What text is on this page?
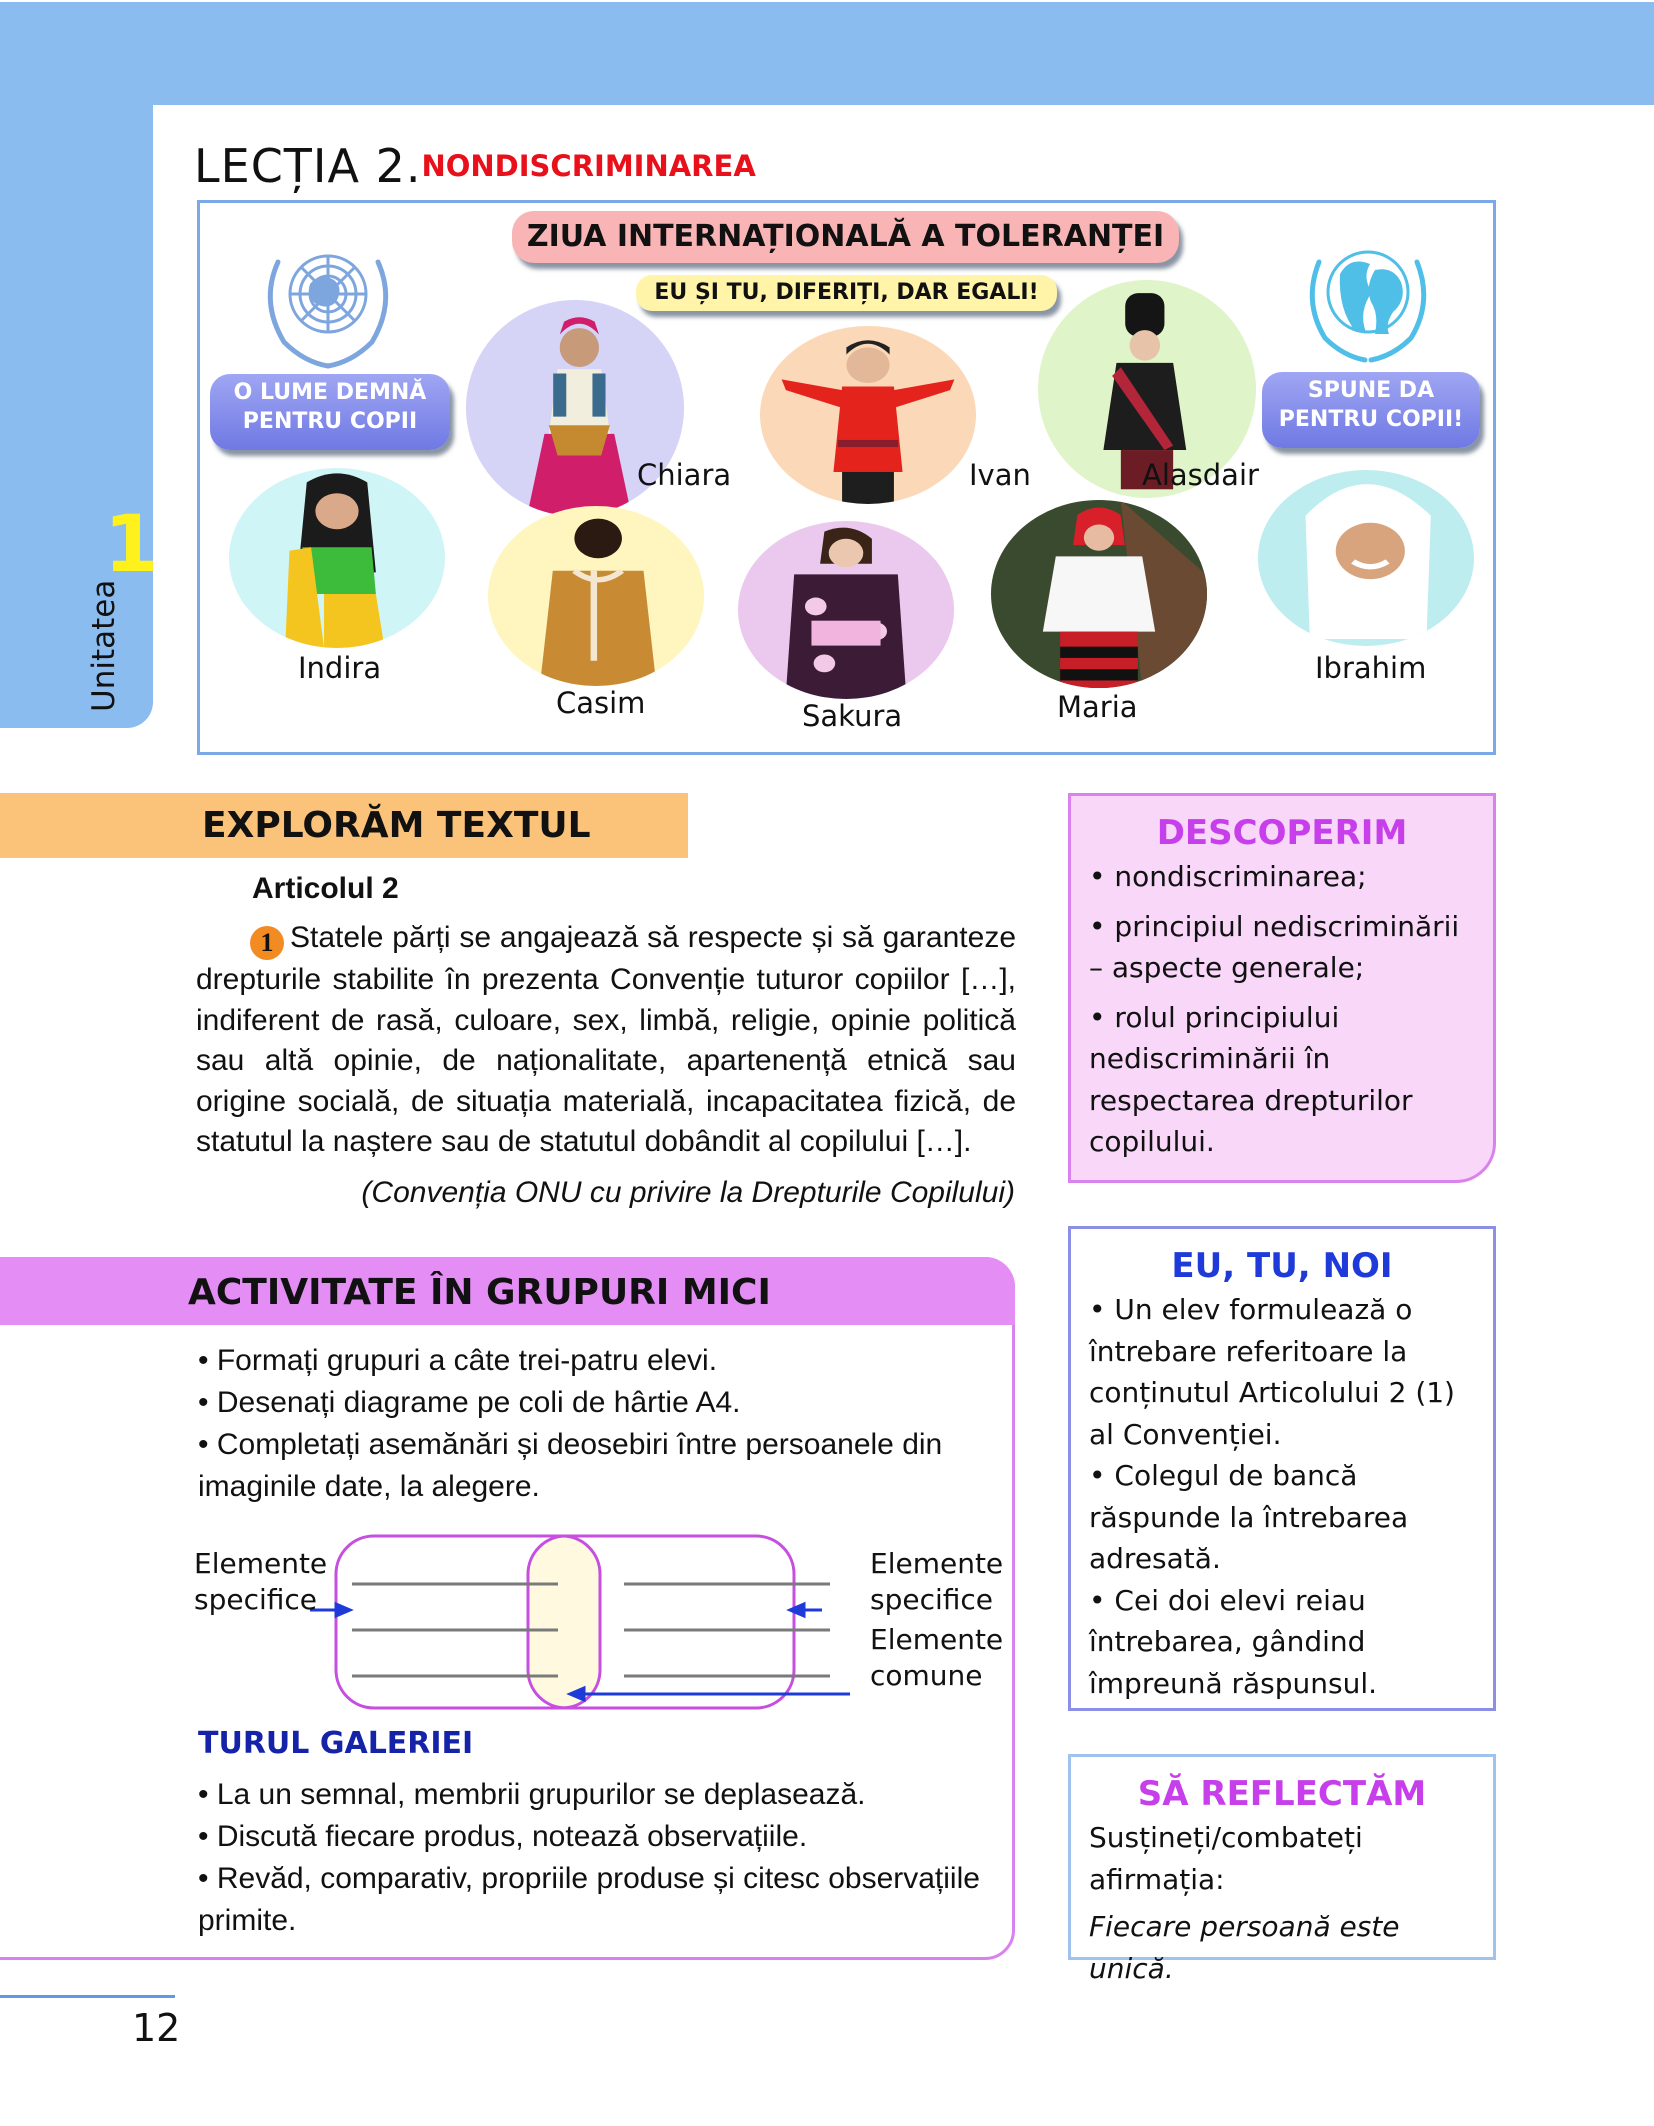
1
Unitatea
LECȚIA 2. NONDISCRIMINAREA
ZIUA INTERNAȚIONALĂ A TOLERANȚEI
EU ȘI TU, DIFERIȚI, DAR EGALI!
O LUME DEMNĂ
PENTRU COPII
SPUNE DA
PENTRU COPII!
Chiara	Ivan	Alasdair
Indira
Casim	Sakura	Maria
Ibrahim
EXPLORĂM TEXTUL
Articolul 2
1 Statele părți se angajează să respecte și să garanteze drepturile stabilite în prezenta Convenție tuturor copiilor […], indiferent de rasă, culoare, sex, limbă, religie, opinie politică sau altă opinie, de naționalitate, apartenență etnică sau origine socială, de situația materială, incapacitatea fizică, de statutul la naștere sau de statutul dobândit al copilului […].
(Convenția ONU cu privire la Drepturile Copilului)
ACTIVITATE ÎN GRUPURI MICI
• Formați grupuri a câte trei-patru elevi.
• Desenați diagrame pe coli de hârtie A4.
• Completați asemănări și deosebiri între persoanele din imaginile date, la alegere.
Elemente
specifice
Elemente
specifice
Elemente
comune
TURUL GALERIEI
• La un semnal, membrii grupurilor se deplasează.
• Discută fiecare produs, notează observațiile.
• Revăd, comparativ, propriile produse și citesc observațiile primite.
DESCOPERIM
• nondiscriminarea;
• principiul nediscriminării – aspecte generale;
• rolul principiului nediscriminării în respectarea drepturilor copilului.
EU, TU, NOI
• Un elev formulează o întrebare referitoare la conținutul Articolului 2 (1) al Convenției.
• Colegul de bancă răspunde la întrebarea adresată.
• Cei doi elevi reiau întrebarea, gândind împreună răspunsul.
SĂ REFLECTĂM
Susțineți/combateți afirmația:
Fiecare persoană este unică.
12
